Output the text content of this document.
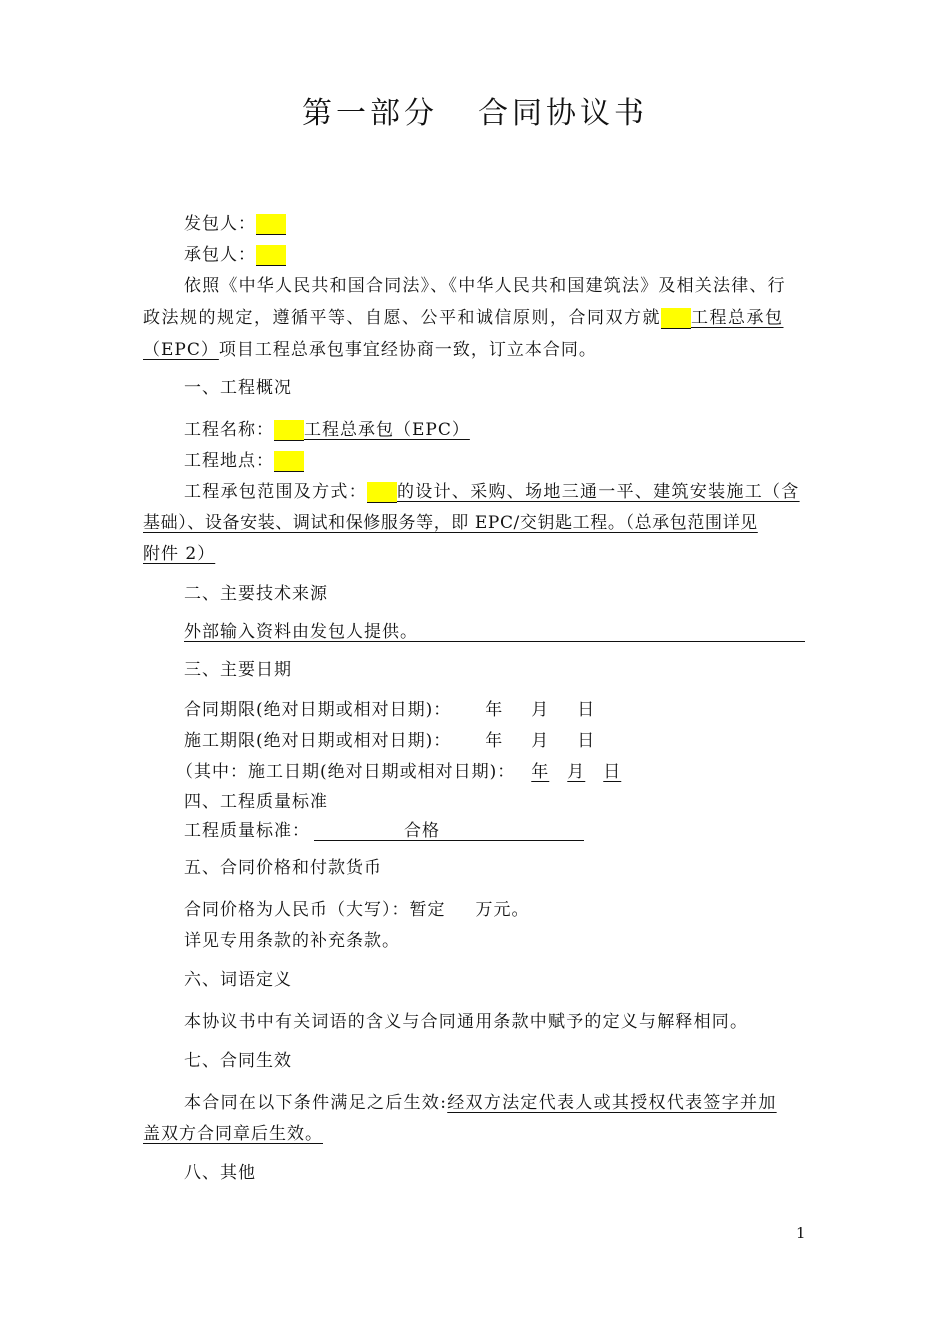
第一部分 合同协议书
发包人：
承包人：
依照《中华人民共和国合同法》、《中华人民共和国建筑法》及相关法律、行
政法规的规定，遵循平等、自愿、公平和诚信原则，合同双方就 工程总承包
（EPC）项目工程总承包事宜经协商一致，订立本合同。
一、工程概况
工程名称： 工程总承包（EPC）
工程地点：
工程承包范围及方式： 的设计、采购、场地三通一平、建筑安装施工（含
基础）、设备安装、调试和保修服务等，即 EPC/交钥匙工程。（总承包范围详见
附件 2）
二、主要技术来源
外部输入资料由发包人提供。
三、主要日期
合同期限(绝对日期或相对日期)： 年 月 日
施工期限(绝对日期或相对日期)： 年 月 日
（其中：施工日期(绝对日期或相对日期)： 年 月 日
四、工程质量标准
工程质量标准：	合格
五、合同价格和付款货币
合同价格为人民币（大写）：暂定 万元。
详见专用条款的补充条款。
六、词语定义
本协议书中有关词语的含义与合同通用条款中赋予的定义与解释相同。
七、合同生效
本合同在以下条件满足之后生效:经双方法定代表人或其授权代表签字并加
盖双方合同章后生效。
八、其他
1
